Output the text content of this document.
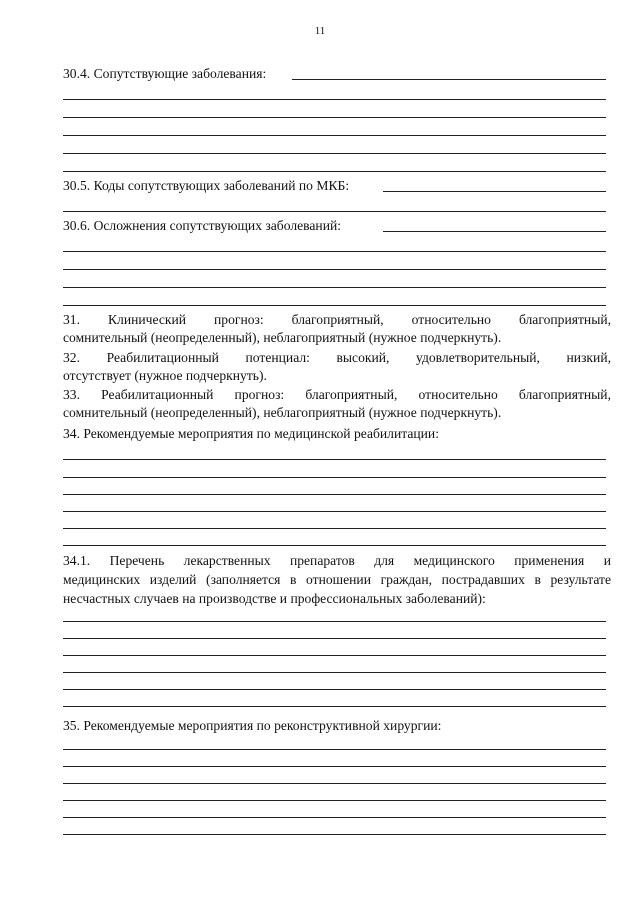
11
30.4. Сопутствующие заболевания:
30.5. Коды сопутствующих заболеваний по МКБ:
30.6. Осложнения сопутствующих заболеваний:
31. Клинический прогноз: благоприятный, относительно благоприятный,
сомнительный (неопределенный), неблагоприятный (нужное подчеркнуть).
32. Реабилитационный потенциал: высокий, удовлетворительный, низкий,
отсутствует (нужное подчеркнуть).
33. Реабилитационный прогноз: благоприятный, относительно благоприятный,
сомнительный (неопределенный), неблагоприятный (нужное подчеркнуть).
34. Рекомендуемые мероприятия по медицинской реабилитации:
34.1. Перечень лекарственных препаратов для медицинского применения и
медицинских изделий (заполняется в отношении граждан, пострадавших в результате
несчастных случаев на производстве и профессиональных заболеваний):
35. Рекомендуемые мероприятия по реконструктивной хирургии:
